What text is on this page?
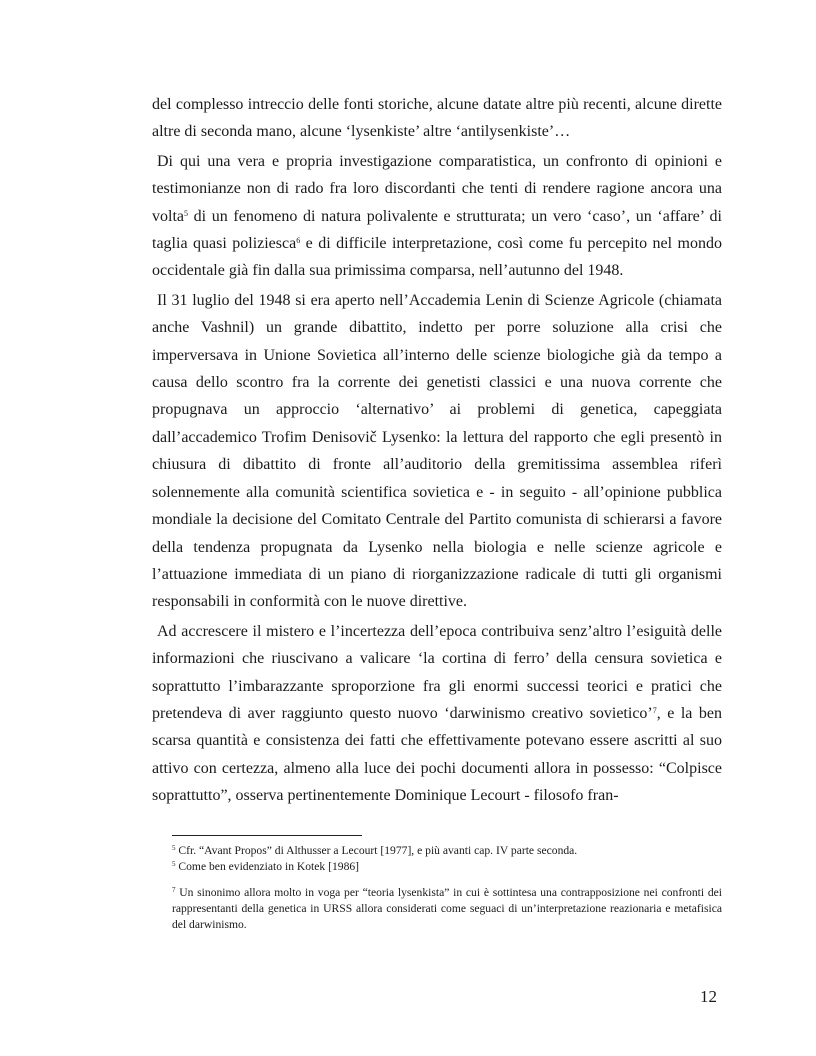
del complesso intreccio delle fonti storiche, alcune datate altre più recenti, alcune dirette altre di seconda mano, alcune ‘lysenkiste’ altre ‘antilysenkiste’…

Di qui una vera e propria investigazione comparatistica, un confronto di opinioni e testimonianze non di rado fra loro discordanti che tenti di rendere ragione ancora una volta$^5$ di un fenomeno di natura polivalente e strutturata; un vero ‘caso’, un ‘affare’ di taglia quasi poliziesca$^6$ e di difficile interpretazione, così come fu percepito nel mondo occidentale già fin dalla sua primissima comparsa, nell’autunno del 1948.

Il 31 luglio del 1948 si era aperto nell’Accademia Lenin di Scienze Agricole (chiamata anche Vashnil) un grande dibattito, indetto per porre soluzione alla crisi che imperversava in Unione Sovietica all’interno delle scienze biologiche già da tempo a causa dello scontro fra la corrente dei genetisti classici e una nuova corrente che propugnava un approccio ‘alternativo’ ai problemi di genetica, capeggiata dall’accademico Trofim Denisovič Lysenko: la lettura del rapporto che egli presentò in chiusura di dibattito di fronte all’auditorio della gremitissima assemblea riferì solennemente alla comunità scientifica sovietica e - in seguito - all’opinione pubblica mondiale la decisione del Comitato Centrale del Partito comunista di schierarsi a favore della tendenza propugnata da Lysenko nella biologia e nelle scienze agricole e l’attuazione immediata di un piano di riorganizzazione radicale di tutti gli organismi responsabili in conformità con le nuove direttive.

Ad accrescere il mistero e l’incertezza dell’epoca contribuiva senz’altro l’esiguità delle informazioni che riuscivano a valicare ‘la cortina di ferro’ della censura sovietica e soprattutto l’imbarazzante sproporzione fra gli enormi successi teorici e pratici che pretendeva di aver raggiunto questo nuovo ‘darwinismo creativo sovietico’$^7$, e la ben scarsa quantità e consistenza dei fatti che effettivamente potevano essere ascritti al suo attivo con certezza, almeno alla luce dei pochi documenti allora in possesso: “Colpisce soprattutto”, osserva pertinentemente Dominique Lecourt - filosofo fran-

$^5$ Cfr. “Avant Propos” di Althusser a Lecourt [1977], e più avanti cap. IV parte seconda.

$^5$ Come ben evidenziato in Kotek [1986]

$^7$ Un sinonimo allora molto in voga per “teoria lysenkista” in cui è sottintesa una contrapposizione nei confronti dei rappresentanti della genetica in URSS allora considerati come seguaci di un’interpretazione reazionaria e metafisica del darwinismo.

12
